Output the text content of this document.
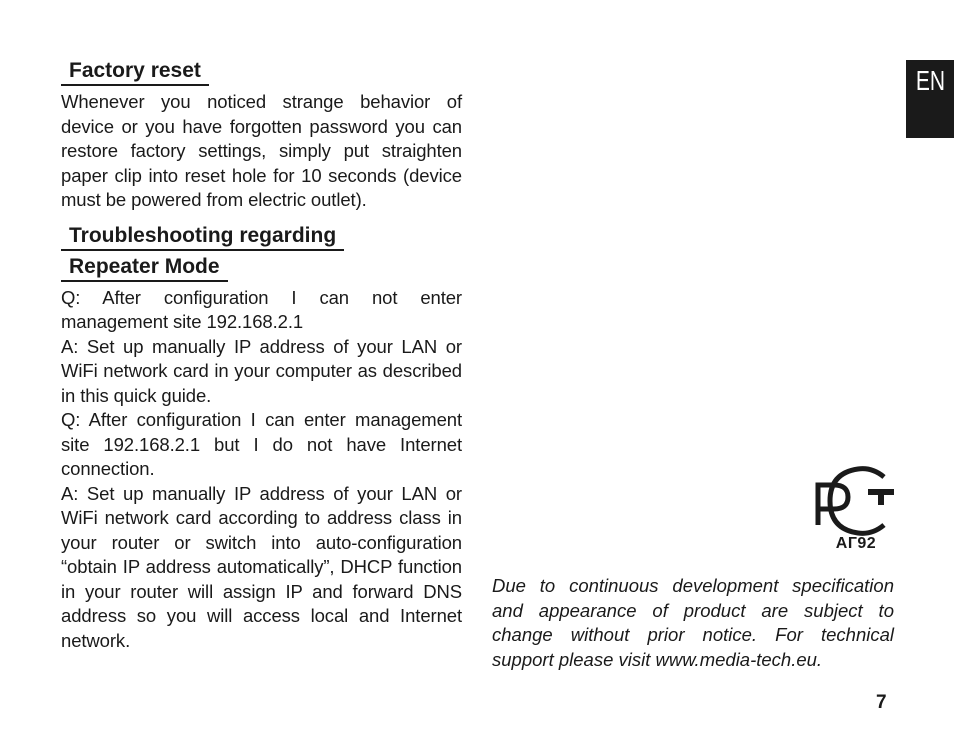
EN
Factory reset

Whenever you noticed strange behavior of device or you have forgotten password you can restore factory settings, simply put straighten paper clip into reset hole for 10 seconds (device must be powered from electric outlet).

Troubleshooting regarding
Repeater Mode

Q: After configuration I can not enter management site 192.168.2.1

A: Set up manually IP address of your LAN or WiFi network card in your computer as described in this quick guide.

Q: After configuration I can enter management site 192.168.2.1 but I do not have Internet connection.

A: Set up manually IP address of your LAN or WiFi network card according to address class in your router or switch into auto-configuration “obtain IP address automatically”, DHCP function in your router will assign IP and forward DNS address so you will access local and Internet network.

АГ92

Due to continuous development specification and appearance of product are subject to change without prior notice. For technical support please visit www.media-tech.eu.

7
